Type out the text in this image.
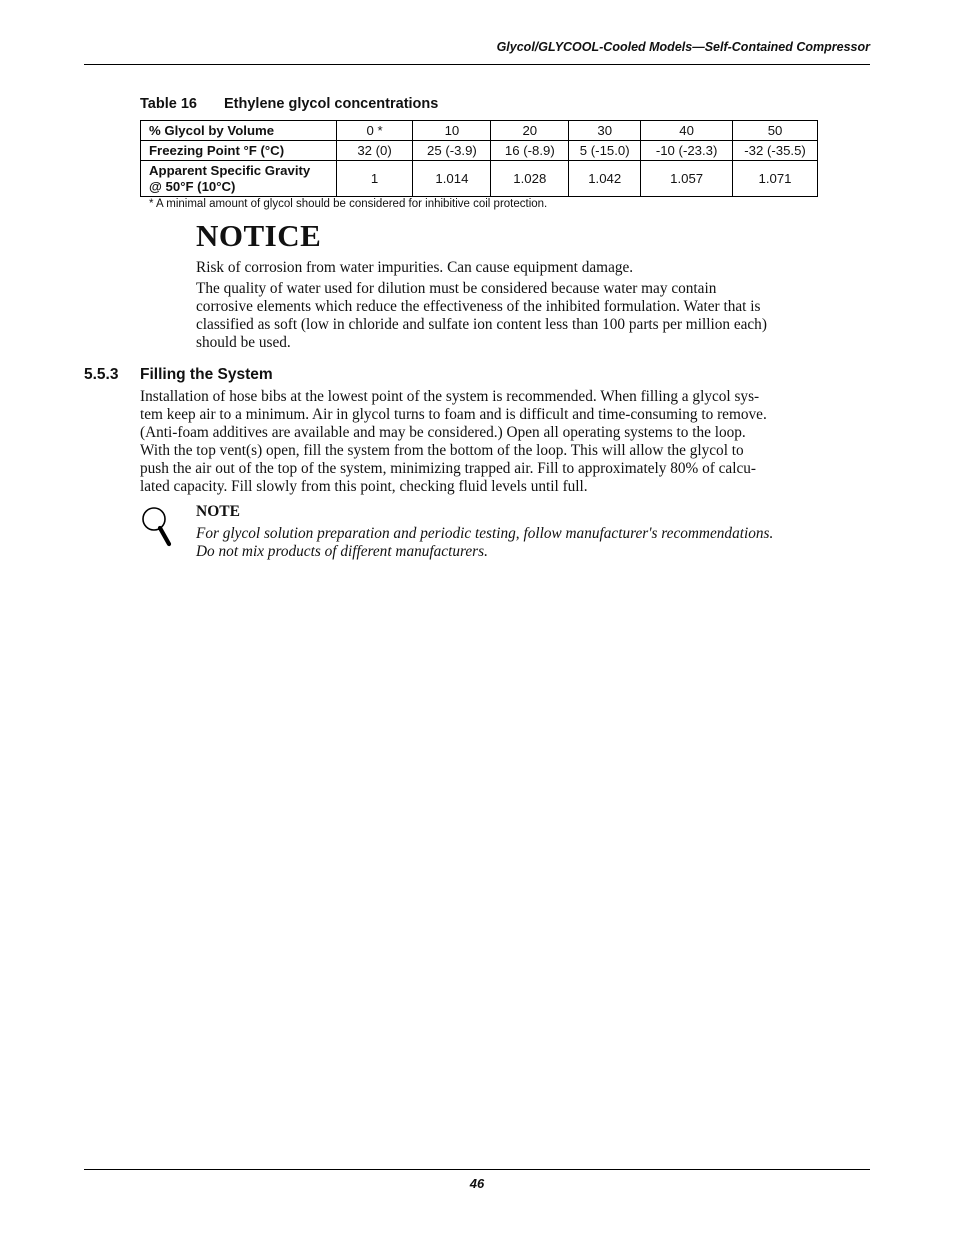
Glycol/GLYCOOL-Cooled Models—Self-Contained Compressor
Table 16 Ethylene glycol concentrations
% Glycol by Volume	0 *	10	20	30	40	50
Freezing Point °F (°C)	32 (0)	25 (-3.9)	16 (-8.9)	5 (-15.0)	-10 (-23.3)	-32 (-35.5)
Apparent Specific Gravity
@ 50°F (10°C)	1	1.014	1.028	1.042	1.057	1.071
* A minimal amount of glycol should be considered for inhibitive coil protection.
NOTICE
Risk of corrosion from water impurities. Can cause equipment damage.
The quality of water used for dilution must be considered because water may contain
corrosive elements which reduce the effectiveness of the inhibited formulation. Water that is
classified as soft (low in chloride and sulfate ion content less than 100 parts per million each)
should be used.
5.5.3 Filling the System
Installation of hose bibs at the lowest point of the system is recommended. When filling a glycol sys-
tem keep air to a minimum. Air in glycol turns to foam and is difficult and time-consuming to remove.
(Anti-foam additives are available and may be considered.) Open all operating systems to the loop.
With the top vent(s) open, fill the system from the bottom of the loop. This will allow the glycol to
push the air out of the top of the system, minimizing trapped air. Fill to approximately 80% of calcu-
lated capacity. Fill slowly from this point, checking fluid levels until full.
NOTE
For glycol solution preparation and periodic testing, follow manufacturer's recommendations.
Do not mix products of different manufacturers.
46
